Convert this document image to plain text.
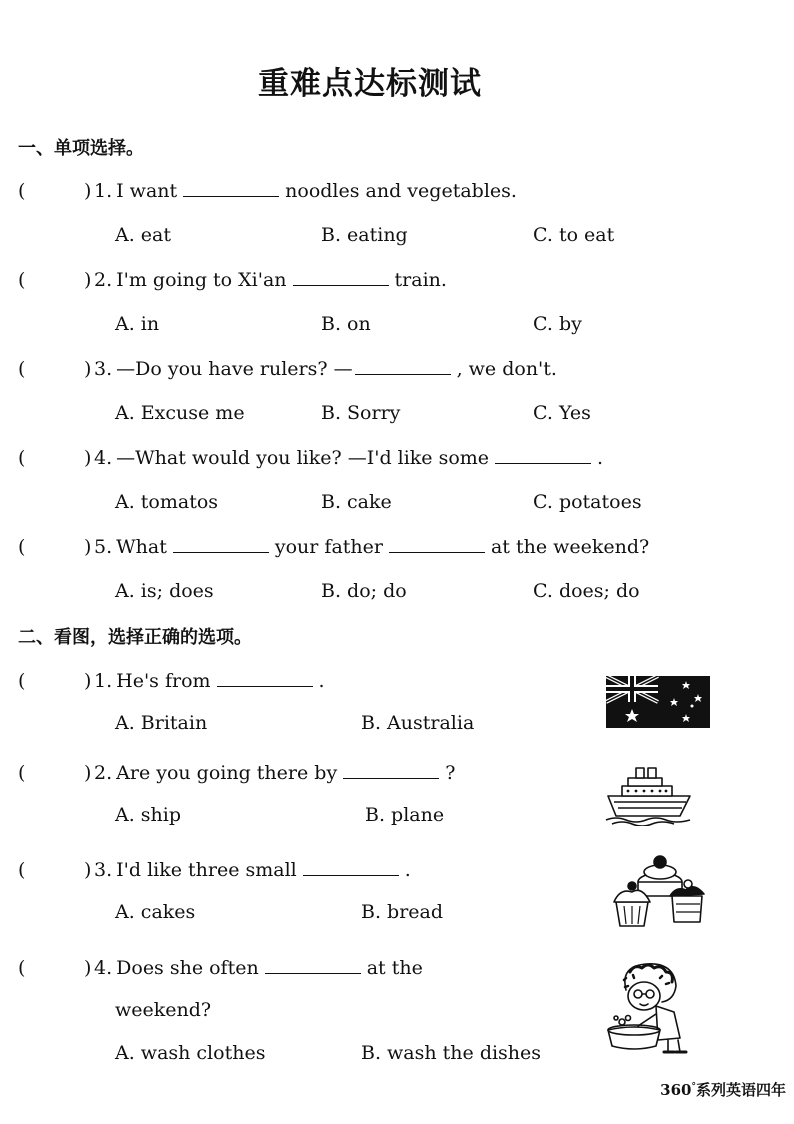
重难点达标测试
一、单项选择。
(	) 1. I want	noodles and vegetables.
A. eat	B. eating	C. to eat
(	) 2. I'm going to Xi'an	train.
A. in	B. on	C. by
(	) 3. —Do you have rulers? —	, we don't.
A. Excuse me	B. Sorry	C. Yes
(	) 4. —What would you like? —I'd like some	.
A. tomatos	B. cake	C. potatoes
(	) 5. What	your father	at the weekend?
A. is; does	B. do; do	C. does; do
二、看图，选择正确的选项。
(	) 1. He's from	.
A. Britain	B. Australia
(	) 2. Are you going there by	?
A. ship	B. plane
(	) 3. I'd like three small	.
A. cakes	B. bread
(	) 4. Does she often	at the
weekend?
A. wash clothes	B. wash the dishes
360°系列英语四年
